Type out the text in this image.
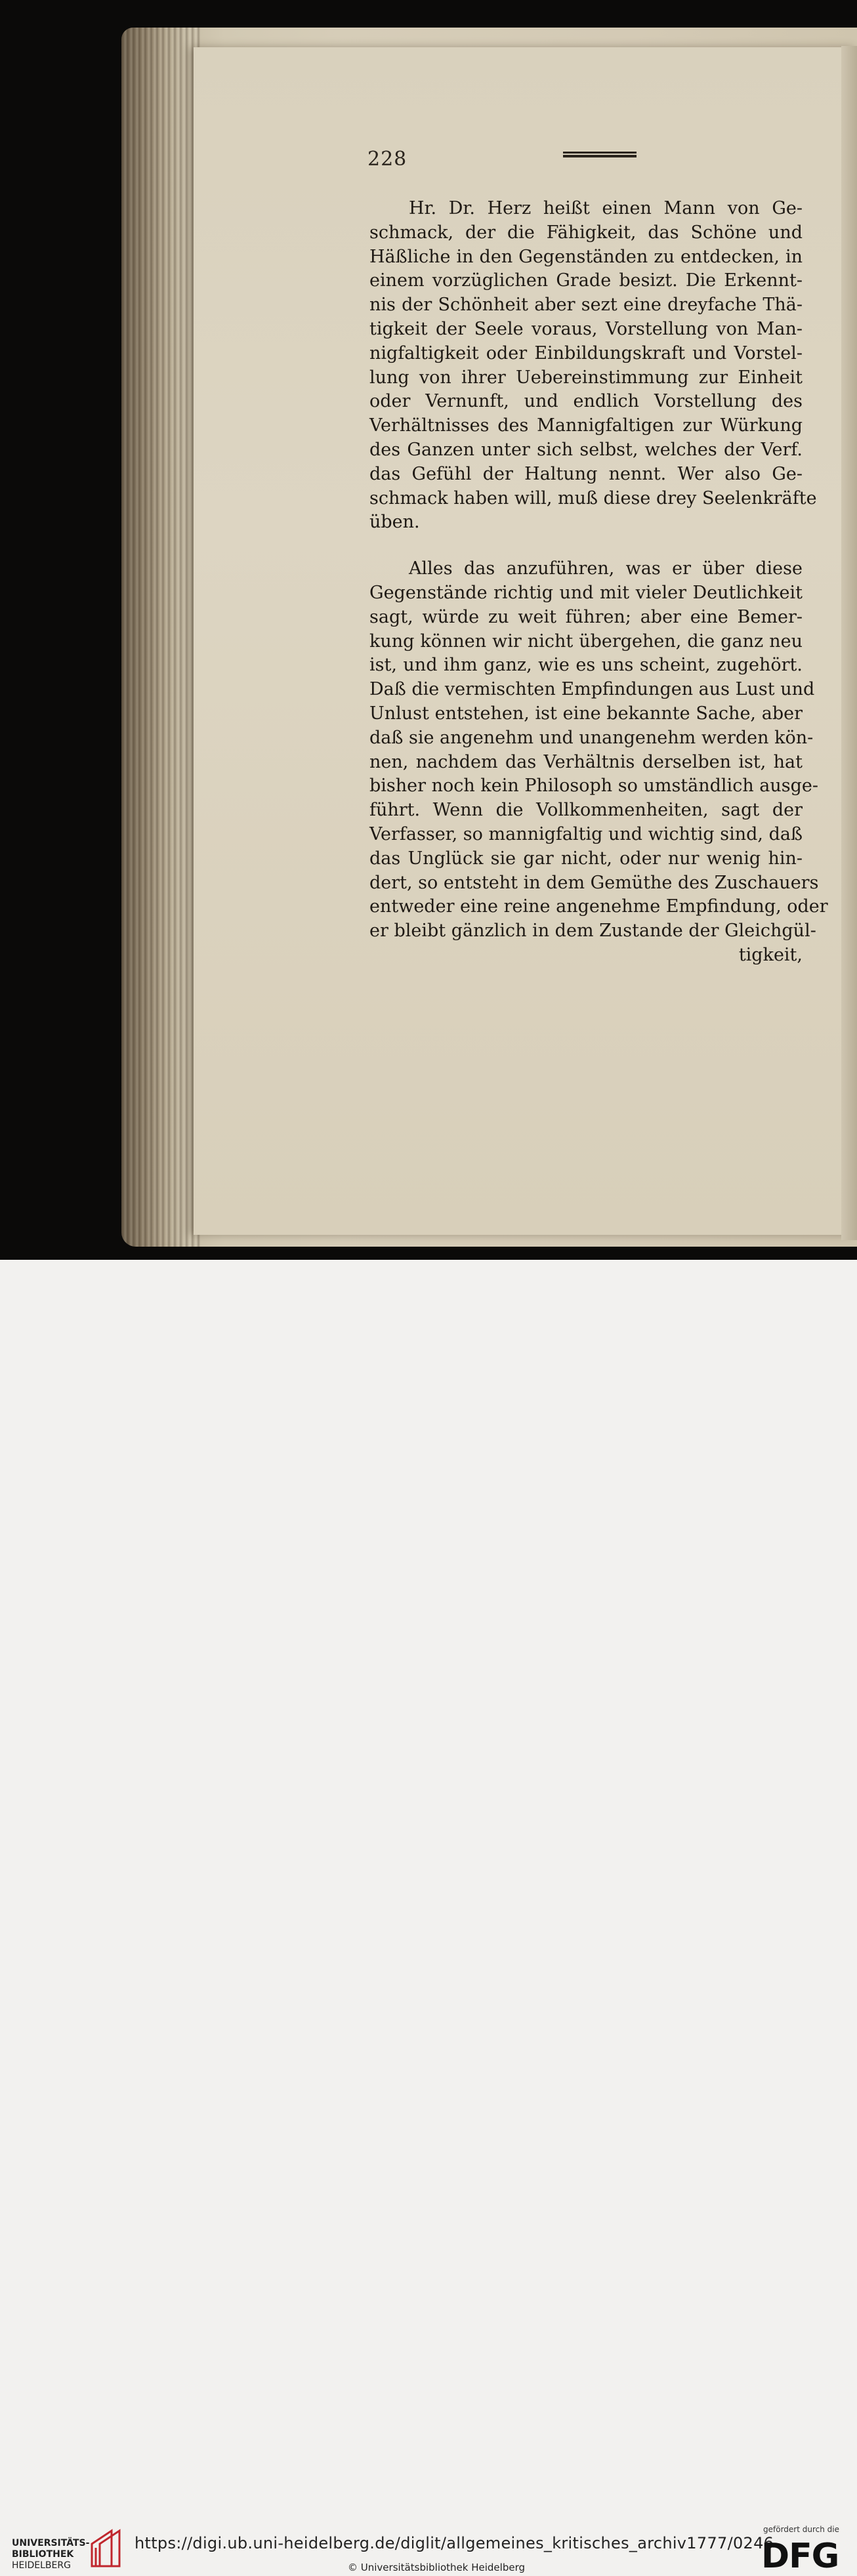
228
Hr. Dr. Herz heißt einen Mann von Ge-
schmack, der die Fähigkeit, das Schöne und
Häßliche in den Gegenständen zu entdecken, in
einem vorzüglichen Grade besizt. Die Erkennt-
nis der Schönheit aber sezt eine dreyfache Thä-
tigkeit der Seele voraus, Vorstellung von Man-
nigfaltigkeit oder Einbildungskraft und Vorstel-
lung von ihrer Uebereinstimmung zur Einheit
oder Vernunft, und endlich Vorstellung des
Verhältnisses des Mannigfaltigen zur Würkung
des Ganzen unter sich selbst, welches der Verf.
das Gefühl der Haltung nennt. Wer also Ge-
schmack haben will, muß diese drey Seelenkräfte
üben.
Alles das anzuführen, was er über diese
Gegenstände richtig und mit vieler Deutlichkeit
sagt, würde zu weit führen; aber eine Bemer-
kung können wir nicht übergehen, die ganz neu
ist, und ihm ganz, wie es uns scheint, zugehört.
Daß die vermischten Empfindungen aus Lust und
Unlust entstehen, ist eine bekannte Sache, aber
daß sie angenehm und unangenehm werden kön-
nen, nachdem das Verhältnis derselben ist, hat
bisher noch kein Philosoph so umständlich ausge-
führt. Wenn die Vollkommenheiten, sagt der
Verfasser, so mannigfaltig und wichtig sind, daß
das Unglück sie gar nicht, oder nur wenig hin-
dert, so entsteht in dem Gemüthe des Zuschauers
entweder eine reine angenehme Empfindung, oder
er bleibt gänzlich in dem Zustande der Gleichgül-
tigkeit,
UNIVERSITÄTS-
BIBLIOTHEK
HEIDELBERG
https://digi.ub.uni-heidelberg.de/diglit/allgemeines_kritisches_archiv1777/0246
© Universitätsbibliothek Heidelberg
gefördert durch die
DFG
